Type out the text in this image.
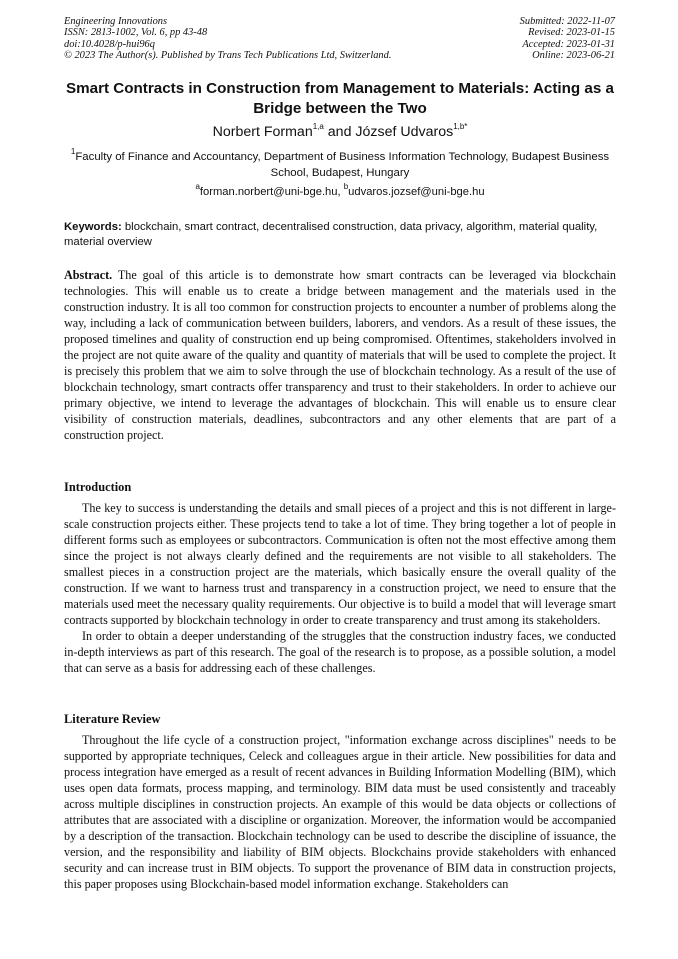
Engineering Innovations
ISSN: 2813-1002, Vol. 6, pp 43-48
doi:10.4028/p-hui96q
© 2023 The Author(s). Published by Trans Tech Publications Ltd, Switzerland.
Submitted: 2022-11-07
Revised: 2023-01-15
Accepted: 2023-01-31
Online: 2023-06-21
Smart Contracts in Construction from Management to Materials: Acting as a Bridge between the Two
Norbert Forman$^{1,a}$ and József Udvaros$^{1,b*}$
$^1$Faculty of Finance and Accountancy, Department of Business Information Technology, Budapest Business School, Budapest, Hungary
$^a$forman.norbert@uni-bge.hu, $^b$udvaros.jozsef@uni-bge.hu
Keywords: blockchain, smart contract, decentralised construction, data privacy, algorithm, material quality, material overview
Abstract. The goal of this article is to demonstrate how smart contracts can be leveraged via blockchain technologies. This will enable us to create a bridge between management and the materials used in the construction industry. It is all too common for construction projects to encounter a number of problems along the way, including a lack of communication between builders, laborers, and vendors. As a result of these issues, the proposed timelines and quality of construction end up being compromised. Oftentimes, stakeholders involved in the project are not quite aware of the quality and quantity of materials that will be used to complete the project. It is precisely this problem that we aim to solve through the use of blockchain technology. As a result of the use of blockchain technology, smart contracts offer transparency and trust to their stakeholders. In order to achieve our primary objective, we intend to leverage the advantages of blockchain. This will enable us to ensure clear visibility of construction materials, deadlines, subcontractors and any other elements that are part of a construction project.
Introduction

The key to success is understanding the details and small pieces of a project and this is not different in large-scale construction projects either. These projects tend to take a lot of time. They bring together a lot of people in different forms such as employees or subcontractors. Communication is often not the most effective among them since the project is not always clearly defined and the requirements are not visible to all stakeholders. The smallest pieces in a construction project are the materials, which basically ensure the overall quality of the construction. If we want to harness trust and transparency in a construction project, we need to ensure that the materials used meet the necessary quality requirements. Our objective is to build a model that will leverage smart contracts supported by blockchain technology in order to create transparency and trust among its stakeholders.

In order to obtain a deeper understanding of the struggles that the construction industry faces, we conducted in-depth interviews as part of this research. The goal of the research is to propose, as a possible solution, a model that can serve as a basis for addressing each of these challenges.

Literature Review

Throughout the life cycle of a construction project, "information exchange across disciplines" needs to be supported by appropriate techniques, Celeck and colleagues argue in their article. New possibilities for data and process integration have emerged as a result of recent advances in Building Information Modelling (BIM), which uses open data formats, process mapping, and terminology. BIM data must be used consistently and traceably across multiple disciplines in construction projects. An example of this would be data objects or collections of attributes that are associated with a discipline or organization. Moreover, the information would be accompanied by a description of the transaction. Blockchain technology can be used to describe the discipline of issuance, the version, and the responsibility and liability of BIM objects. Blockchains provide stakeholders with enhanced security and can increase trust in BIM objects. To support the provenance of BIM data in construction projects, this paper proposes using Blockchain-based model information exchange. Stakeholders can
